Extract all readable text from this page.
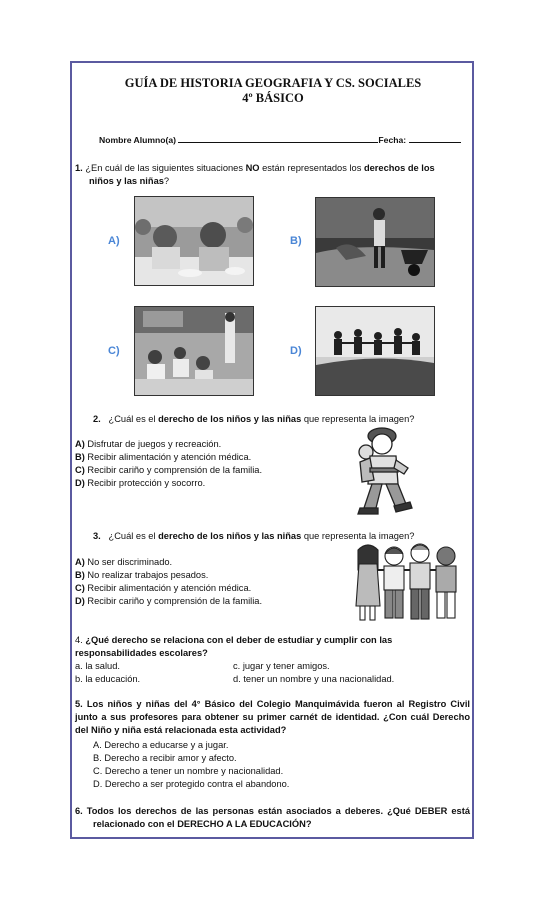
GUÍA DE HISTORIA GEOGRAFIA Y CS. SOCIALES
4º BÁSICO
Nombre Alumno(a)	Fecha:
1. ¿En cuál de las siguientes situaciones NO están representados los derechos de los
niños y las niñas?
A)	B)
C)	D)
2. ¿Cuál es el derecho de los niños y las niñas que representa la imagen?
A) Disfrutar de juegos y recreación.
B) Recibir alimentación y atención médica.
C) Recibir cariño y comprensión de la familia.
D) Recibir protección y socorro.
3. ¿Cuál es el derecho de los niños y las niñas que representa la imagen?
A) No ser discriminado.
B) No realizar trabajos pesados.
C) Recibir alimentación y atención médica.
D) Recibir cariño y comprensión de la familia.
4. ¿Qué derecho se relaciona con el deber de estudiar y cumplir con las
responsabilidades escolares?
a. la salud.	c. jugar y tener amigos.
b. la educación.	d. tener un nombre y una nacionalidad.
5. Los niños y niñas del 4° Básico del Colegio Manquimávida fueron al Registro Civil junto a sus profesores para obtener su primer carnét de identidad. ¿Con cuál Derecho del Niño y niña está relacionada esta actividad?
A. Derecho a educarse y a jugar.
B. Derecho a recibir amor y afecto.
C. Derecho a tener un nombre y nacionalidad.
D. Derecho a ser protegido contra el abandono.
6. Todos los derechos de las personas están asociados a deberes. ¿Qué DEBER está
relacionado con el DERECHO A LA EDUCACIÓN?
